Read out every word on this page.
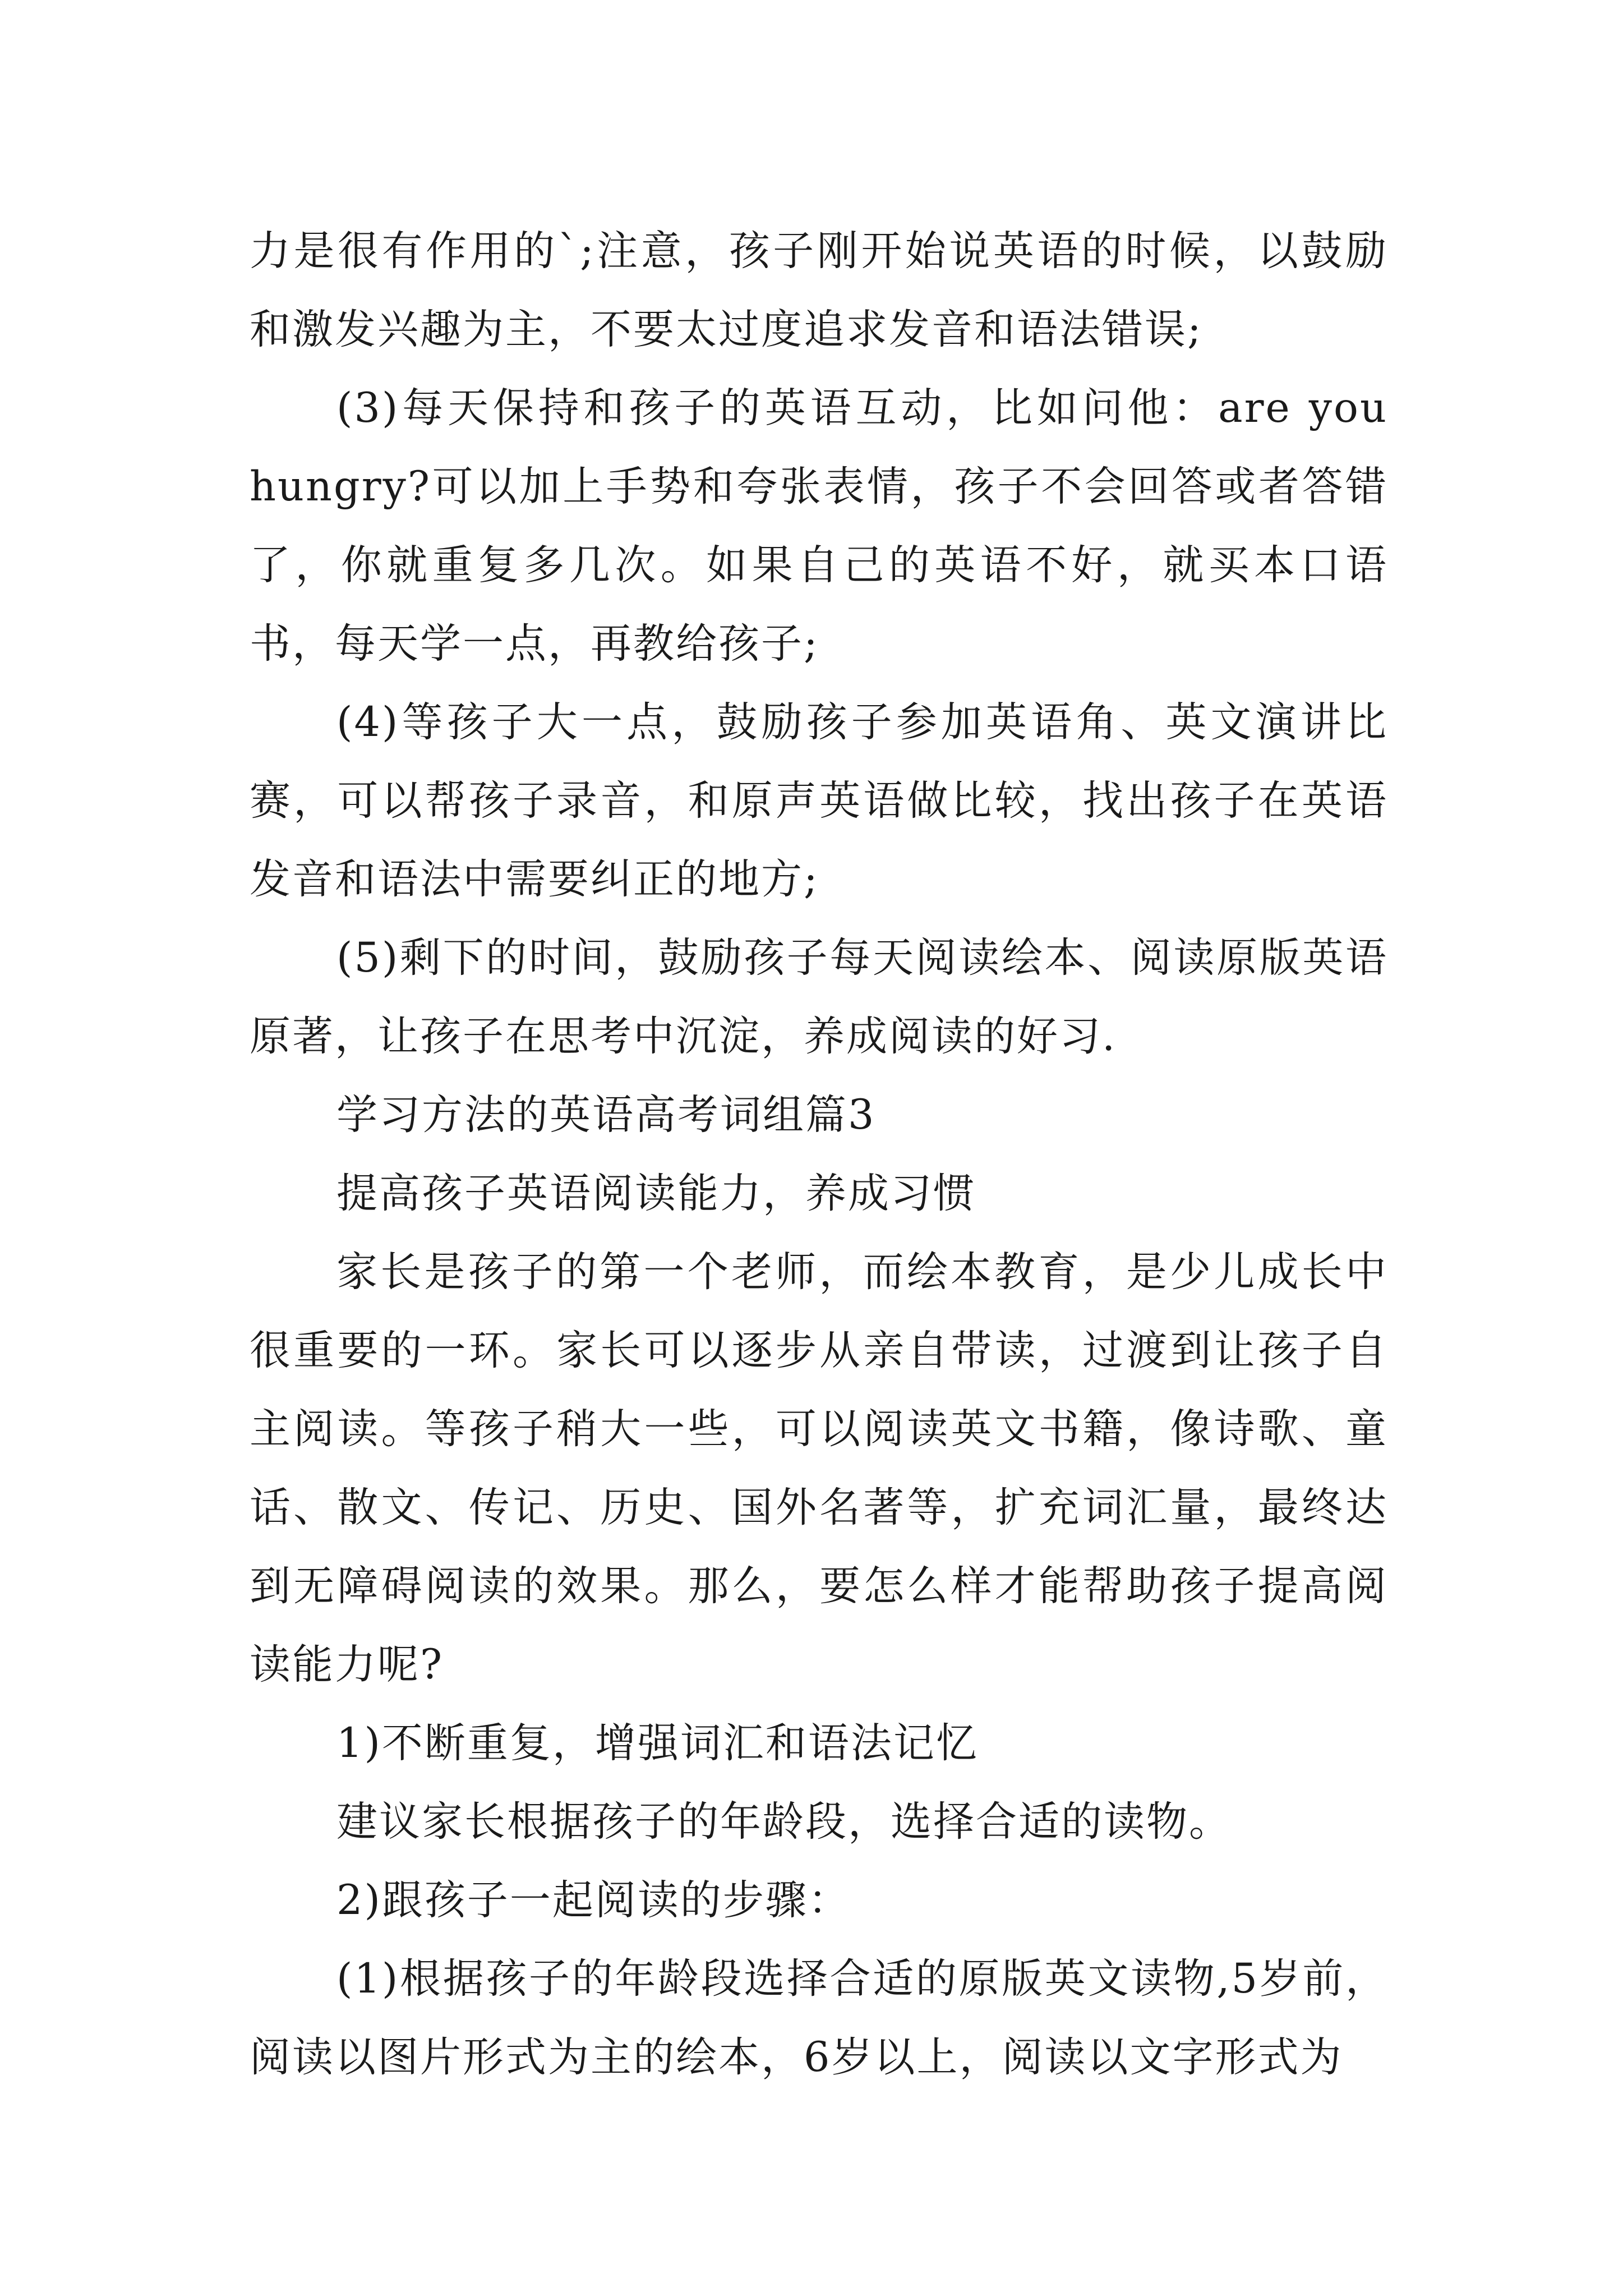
力是很有作用的`;注意，孩子刚开始说英语的时候，以鼓励和激发兴趣为主，不要太过度追求发音和语法错误;

(3)每天保持和孩子的英语互动，比如问他：are you hungry?可以加上手势和夸张表情，孩子不会回答或者答错了，你就重复多几次。如果自己的英语不好，就买本口语书，每天学一点，再教给孩子;

(4)等孩子大一点，鼓励孩子参加英语角、英文演讲比赛，可以帮孩子录音，和原声英语做比较，找出孩子在英语发音和语法中需要纠正的地方;

(5)剩下的时间，鼓励孩子每天阅读绘本、阅读原版英语原著，让孩子在思考中沉淀，养成阅读的好习.

学习方法的英语高考词组篇3

提高孩子英语阅读能力，养成习惯

家长是孩子的第一个老师，而绘本教育，是少儿成长中很重要的一环。家长可以逐步从亲自带读，过渡到让孩子自主阅读。等孩子稍大一些，可以阅读英文书籍，像诗歌、童话、散文、传记、历史、国外名著等，扩充词汇量，最终达到无障碍阅读的效果。那么，要怎么样才能帮助孩子提高阅读能力呢?

1)不断重复，增强词汇和语法记忆

建议家长根据孩子的年龄段，选择合适的读物。

2)跟孩子一起阅读的步骤：

(1)根据孩子的年龄段选择合适的原版英文读物,5岁前，阅读以图片形式为主的绘本，6岁以上，阅读以文字形式为
